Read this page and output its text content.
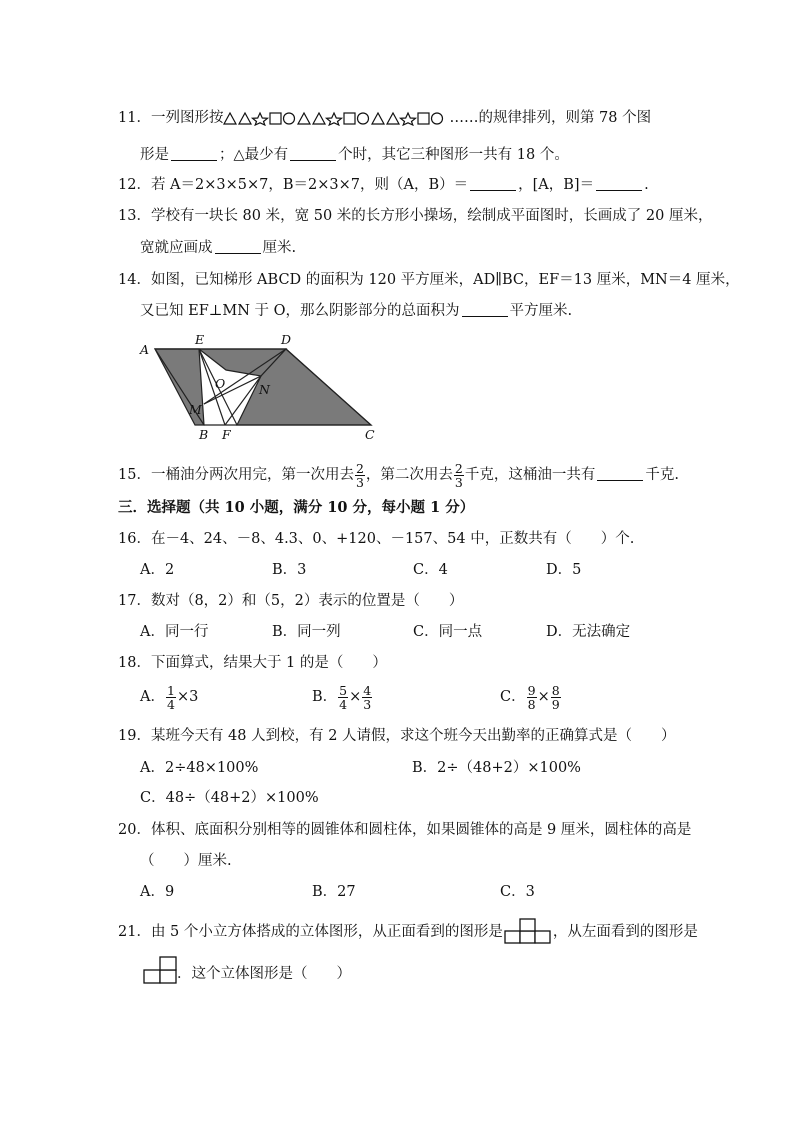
11．一列图形按	……的规律排列，则第 78 个图
形是	；△最少有	个时，其它三种图形一共有 18 个。
12．若 A＝2×3×5×7，B＝2×3×7，则（A，B）＝	，[A，B]＝	.
13．学校有一块长 80 米，宽 50 米的长方形小操场，绘制成平面图时，长画成了 20 厘米，
宽就应画成	厘米.
14．如图，已知梯形 ABCD 的面积为 120 平方厘米，AD∥BC，EF＝13 厘米，MN＝4 厘米，
又已知 EF⊥MN 于 O，那么阴影部分的总面积为	平方厘米.
A
E	D
O	N
M
B F	C
15．一桶油分两次用完，第一次用去 $\frac{2}{3}$ ，第二次用去 $\frac{2}{3}$ 千克，这桶油一共有	千克.
三．选择题（共 10 小题，满分 10 分，每小题 1 分）
16．在－4、24、－8、4.3、0、+120、－157、54 中，正数共有（　　）个.
A．2	B．3	C．4	D．5
17．数对（8，2）和（5，2）表示的位置是（　　）
A．同一行	B．同一列	C．同一点	D．无法确定
18．下面算式，结果大于 1 的是（　　）
A． $\frac{1}{4} \times 3$	B． $\frac{5}{4} \times \frac{4}{3}$	C． $\frac{9}{8} \times \frac{8}{9}$
19．某班今天有 48 人到校，有 2 人请假，求这个班今天出勤率的正确算式是（　　）
A．2÷48×100%	B．2÷（48+2）×100%
C．48÷（48+2）×100%
20．体积、底面积分别相等的圆锥体和圆柱体，如果圆锥体的高是 9 厘米，圆柱体的高是
（　　）厘米.
A．9	B．27	C．3
21．由 5 个小立方体搭成的立体图形，从正面看到的图形是	，从左面看到的图形是
．这个立体图形是（　　）
